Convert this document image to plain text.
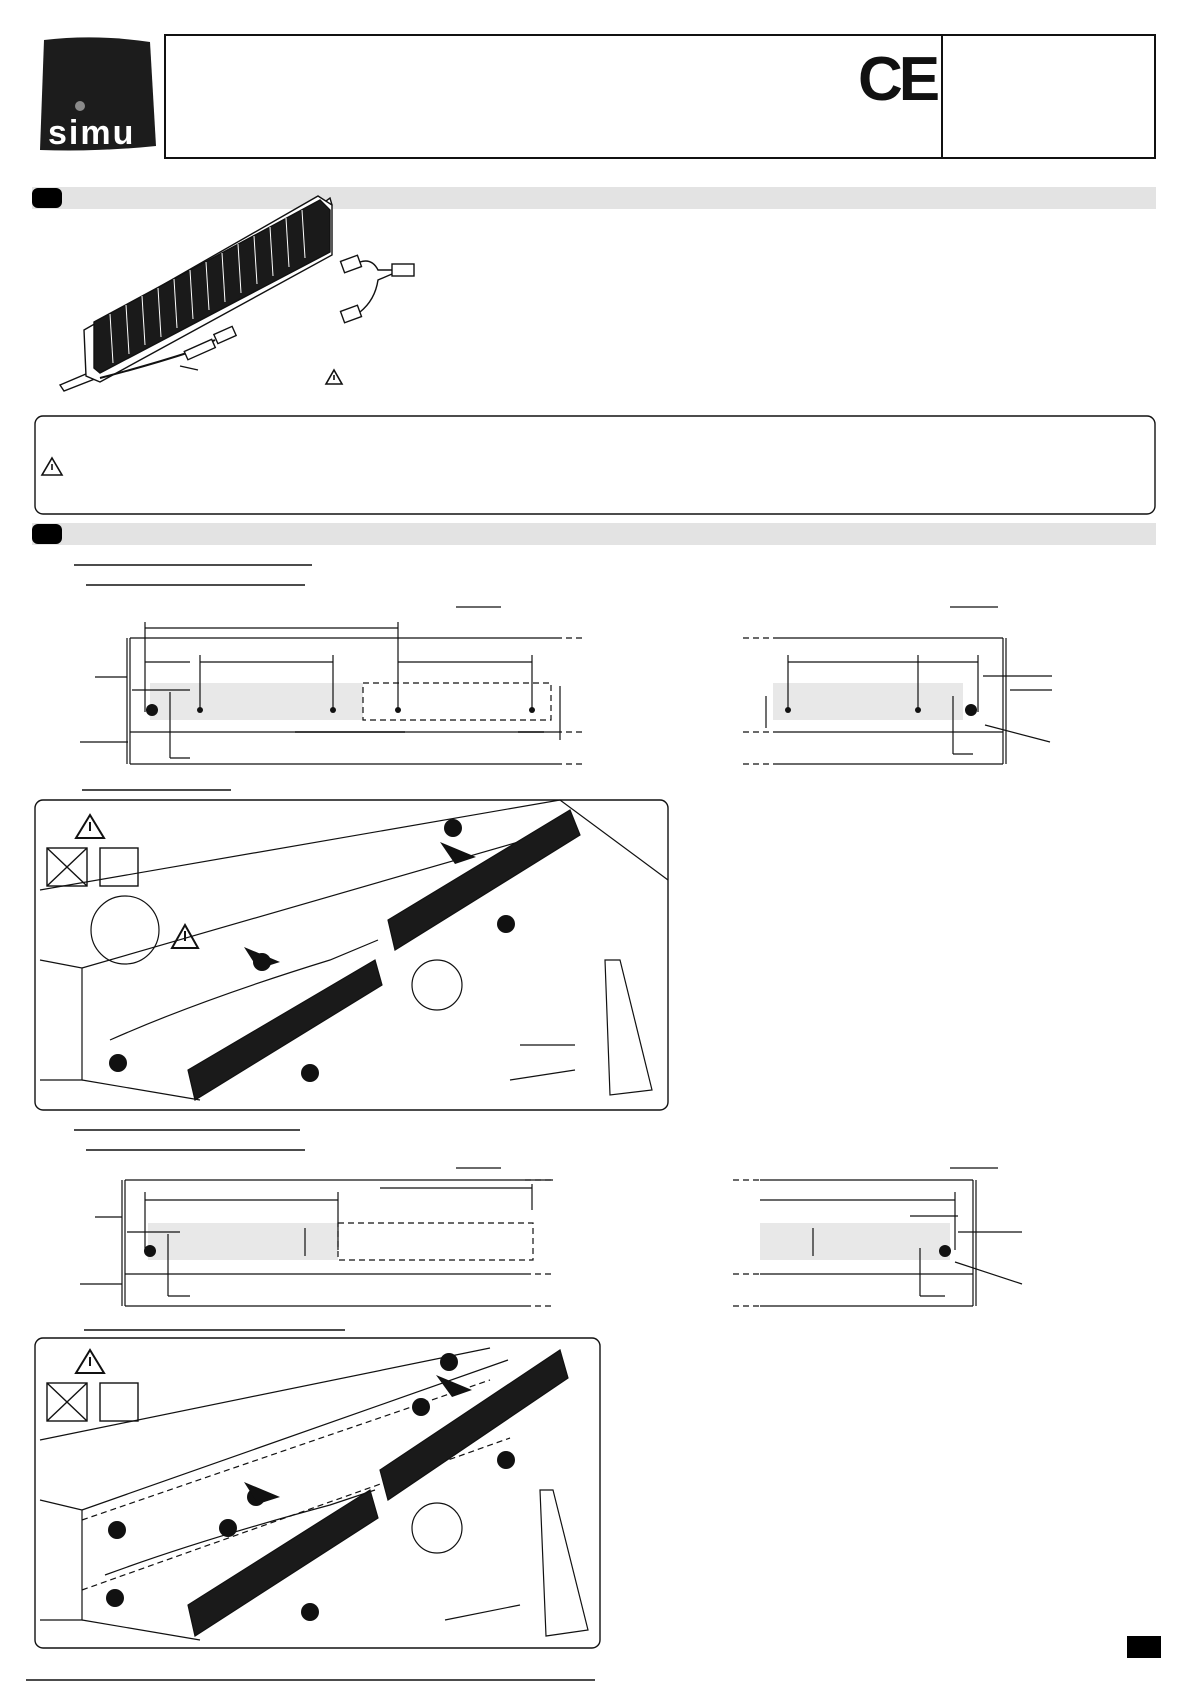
simu
CE
